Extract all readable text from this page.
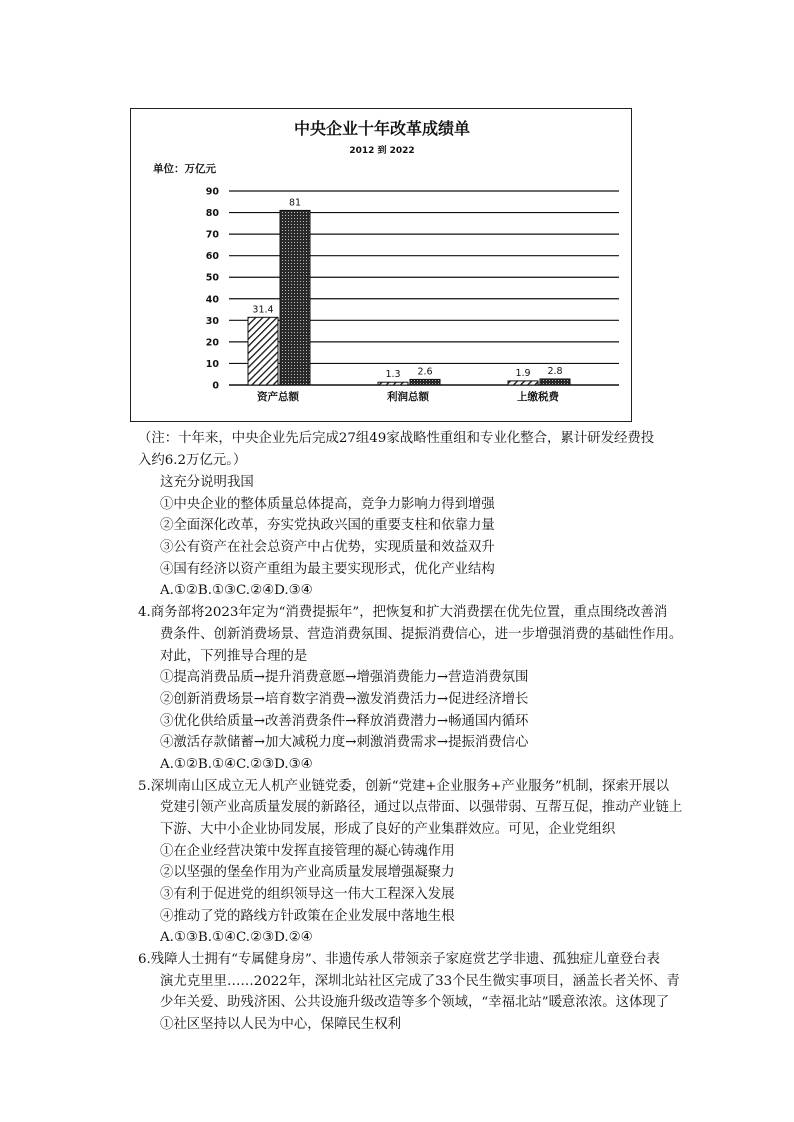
中央企业十年改革成绩单
2012 到 2022
单位：万亿元
0
10
20
30
40
50
60
70
80
90
31.4
81
资产总额
1.3 2.6
利润总额
1.9 2.8
上缴税费
（注：十年来，中央企业先后完成27组49家战略性重组和专业化整合，累计研发经费投
入约6.2万亿元。）
这充分说明我国
①中央企业的整体质量总体提高，竞争力影响力得到增强
②全面深化改革，夯实党执政兴国的重要支柱和依靠力量
③公有资产在社会总资产中占优势，实现质量和效益双升
④国有经济以资产重组为最主要实现形式，优化产业结构
A.①②B.①③C.②④D.③④
4.商务部将2023年定为“消费提振年”，把恢复和扩大消费摆在优先位置，重点围绕改善消
费条件、创新消费场景、营造消费氛围、提振消费信心，进一步增强消费的基础性作用。
对此，下列推导合理的是
①提高消费品质→提升消费意愿→增强消费能力→营造消费氛围
②创新消费场景→培育数字消费→激发消费活力→促进经济增长
③优化供给质量→改善消费条件→释放消费潜力→畅通国内循环
④激活存款储蓄→加大减税力度→刺激消费需求→提振消费信心
A.①②B.①④C.②③D.③④
5.深圳南山区成立无人机产业链党委，创新“党建+企业服务+产业服务”机制，探索开展以
党建引领产业高质量发展的新路径，通过以点带面、以强带弱、互帮互促，推动产业链上
下游、大中小企业协同发展，形成了良好的产业集群效应。可见，企业党组织
①在企业经营决策中发挥直接管理的凝心铸魂作用
②以坚强的堡垒作用为产业高质量发展增强凝聚力
③有利于促进党的组织领导这一伟大工程深入发展
④推动了党的路线方针政策在企业发展中落地生根
A.①③B.①④C.②③D.②④
6.残障人士拥有“专属健身房”、非遗传承人带领亲子家庭赏艺学非遗、孤独症儿童登台表
演尤克里里……2022年，深圳北站社区完成了33个民生微实事项目，涵盖长者关怀、青
少年关爱、助残济困、公共设施升级改造等多个领域，“幸福北站”暖意浓浓。这体现了
①社区坚持以人民为中心，保障民生权利
